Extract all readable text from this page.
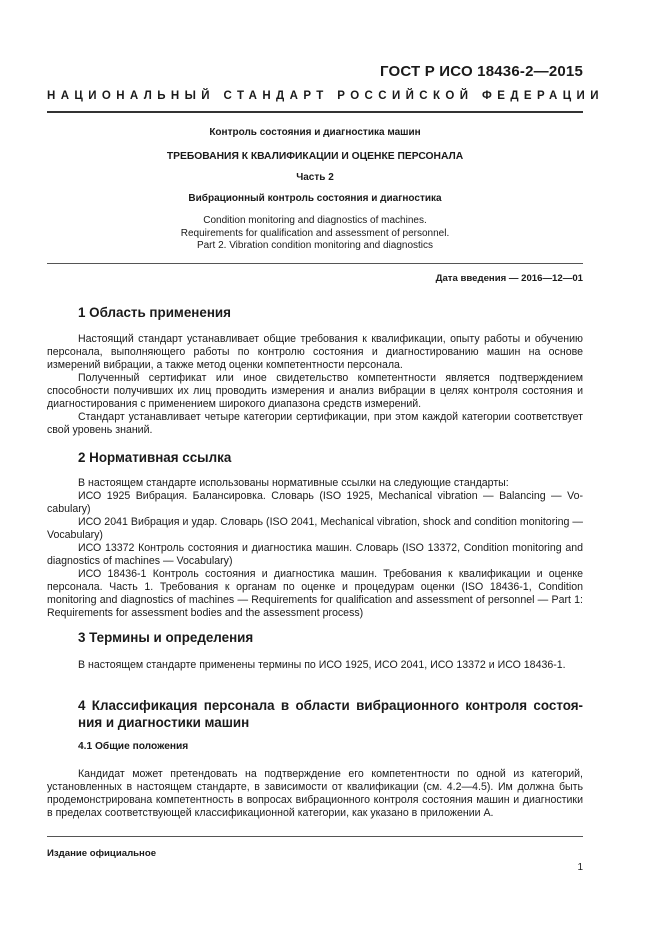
ГОСТ Р ИСО 18436-2—2015
НАЦИОНАЛЬНЫЙ СТАНДАРТ РОССИЙСКОЙ ФЕДЕРАЦИИ
Контроль состояния и диагностика машин
ТРЕБОВАНИЯ К КВАЛИФИКАЦИИ И ОЦЕНКЕ ПЕРСОНАЛА
Часть 2
Вибрационный контроль состояния и диагностика
Condition monitoring and diagnostics of machines.
Requirements for qualification and assessment of personnel.
Part 2. Vibration condition monitoring and diagnostics
Дата введения — 2016—12—01
1 Область применения

Настоящий стандарт устанавливает общие требования к квалификации, опыту работы и обучению персонала, выполняющего работы по контролю состояния и диагностированию машин на основе измерений вибрации, а также метод оценки компетентности персонала.

Полученный сертификат или иное свидетельство компетентности является подтверждением способности получивших их лиц проводить измерения и анализ вибрации в целях контроля состояния и диагностирования с применением широкого диапазона средств измерений.

Стандарт устанавливает четыре категории сертификации, при этом каждой категории соответствует свой уровень знаний.

2 Нормативная ссылка

В настоящем стандарте использованы нормативные ссылки на следующие стандарты:

ИСО 1925 Вибрация. Балансировка. Словарь (ISO 1925, Mechanical vibration — Balancing — Vocabulary)

ИСО 2041 Вибрация и удар. Словарь (ISO 2041, Mechanical vibration, shock and condition monitoring — Vocabulary)

ИСО 13372 Контроль состояния и диагностика машин. Словарь (ISO 13372, Condition monitoring and diagnostics of machines — Vocabulary)

ИСО 18436-1 Контроль состояния и диагностика машин. Требования к квалификации и оценке персонала. Часть 1. Требования к органам по оценке и процедурам оценки (ISO 18436-1, Condition monitoring and diagnostics of machines — Requirements for qualification and assessment of personnel — Part 1: Requirements for assessment bodies and the assessment process)

3 Термины и определения

В настоящем стандарте применены термины по ИСО 1925, ИСО 2041, ИСО 13372 и ИСО 18436-1.

4 Классификация персонала в области вибрационного контроля состояния и диагностики машин
4.1 Общие положения

Кандидат может претендовать на подтверждение его компетентности по одной из категорий, установленных в настоящем стандарте, в зависимости от квалификации (см. 4.2—4.5). Им должна быть продемонстрирована компетентность в вопросах вибрационного контроля состояния машин и диагностики в пределах соответствующей классификационной категории, как указано в приложении А.

Издание официальное
1
